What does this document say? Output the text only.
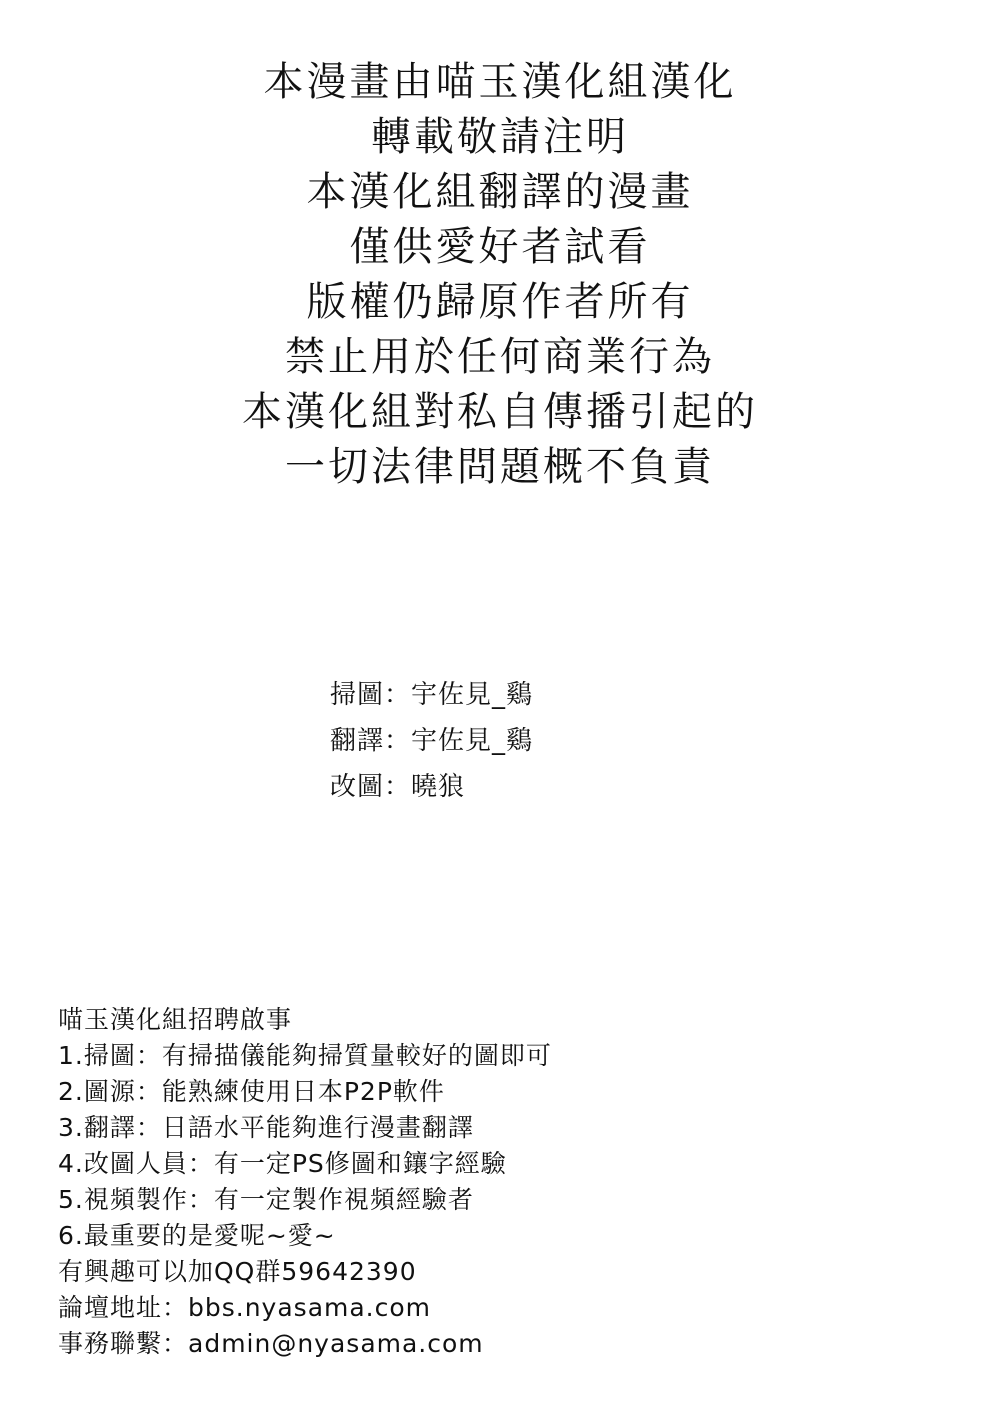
本漫畫由喵玉漢化組漢化
轉載敬請注明
本漢化組翻譯的漫畫
僅供愛好者試看
版權仍歸原作者所有
禁止用於任何商業行為
本漢化組對私自傳播引起的
一切法律問題概不負責
掃圖：宇佐見_鷄
翻譯：宇佐見_鷄
改圖：曉狼
喵玉漢化組招聘啟事
1.掃圖：有掃描儀能夠掃質量較好的圖即可
2.圖源：能熟練使用日本P2P軟件
3.翻譯：日語水平能夠進行漫畫翻譯
4.改圖人員：有一定PS修圖和鑲字經驗
5.視頻製作：有一定製作視頻經驗者
6.最重要的是愛呢~愛~
有興趣可以加QQ群59642390
論壇地址：bbs.nyasama.com
事務聯繫：admin@nyasama.com
